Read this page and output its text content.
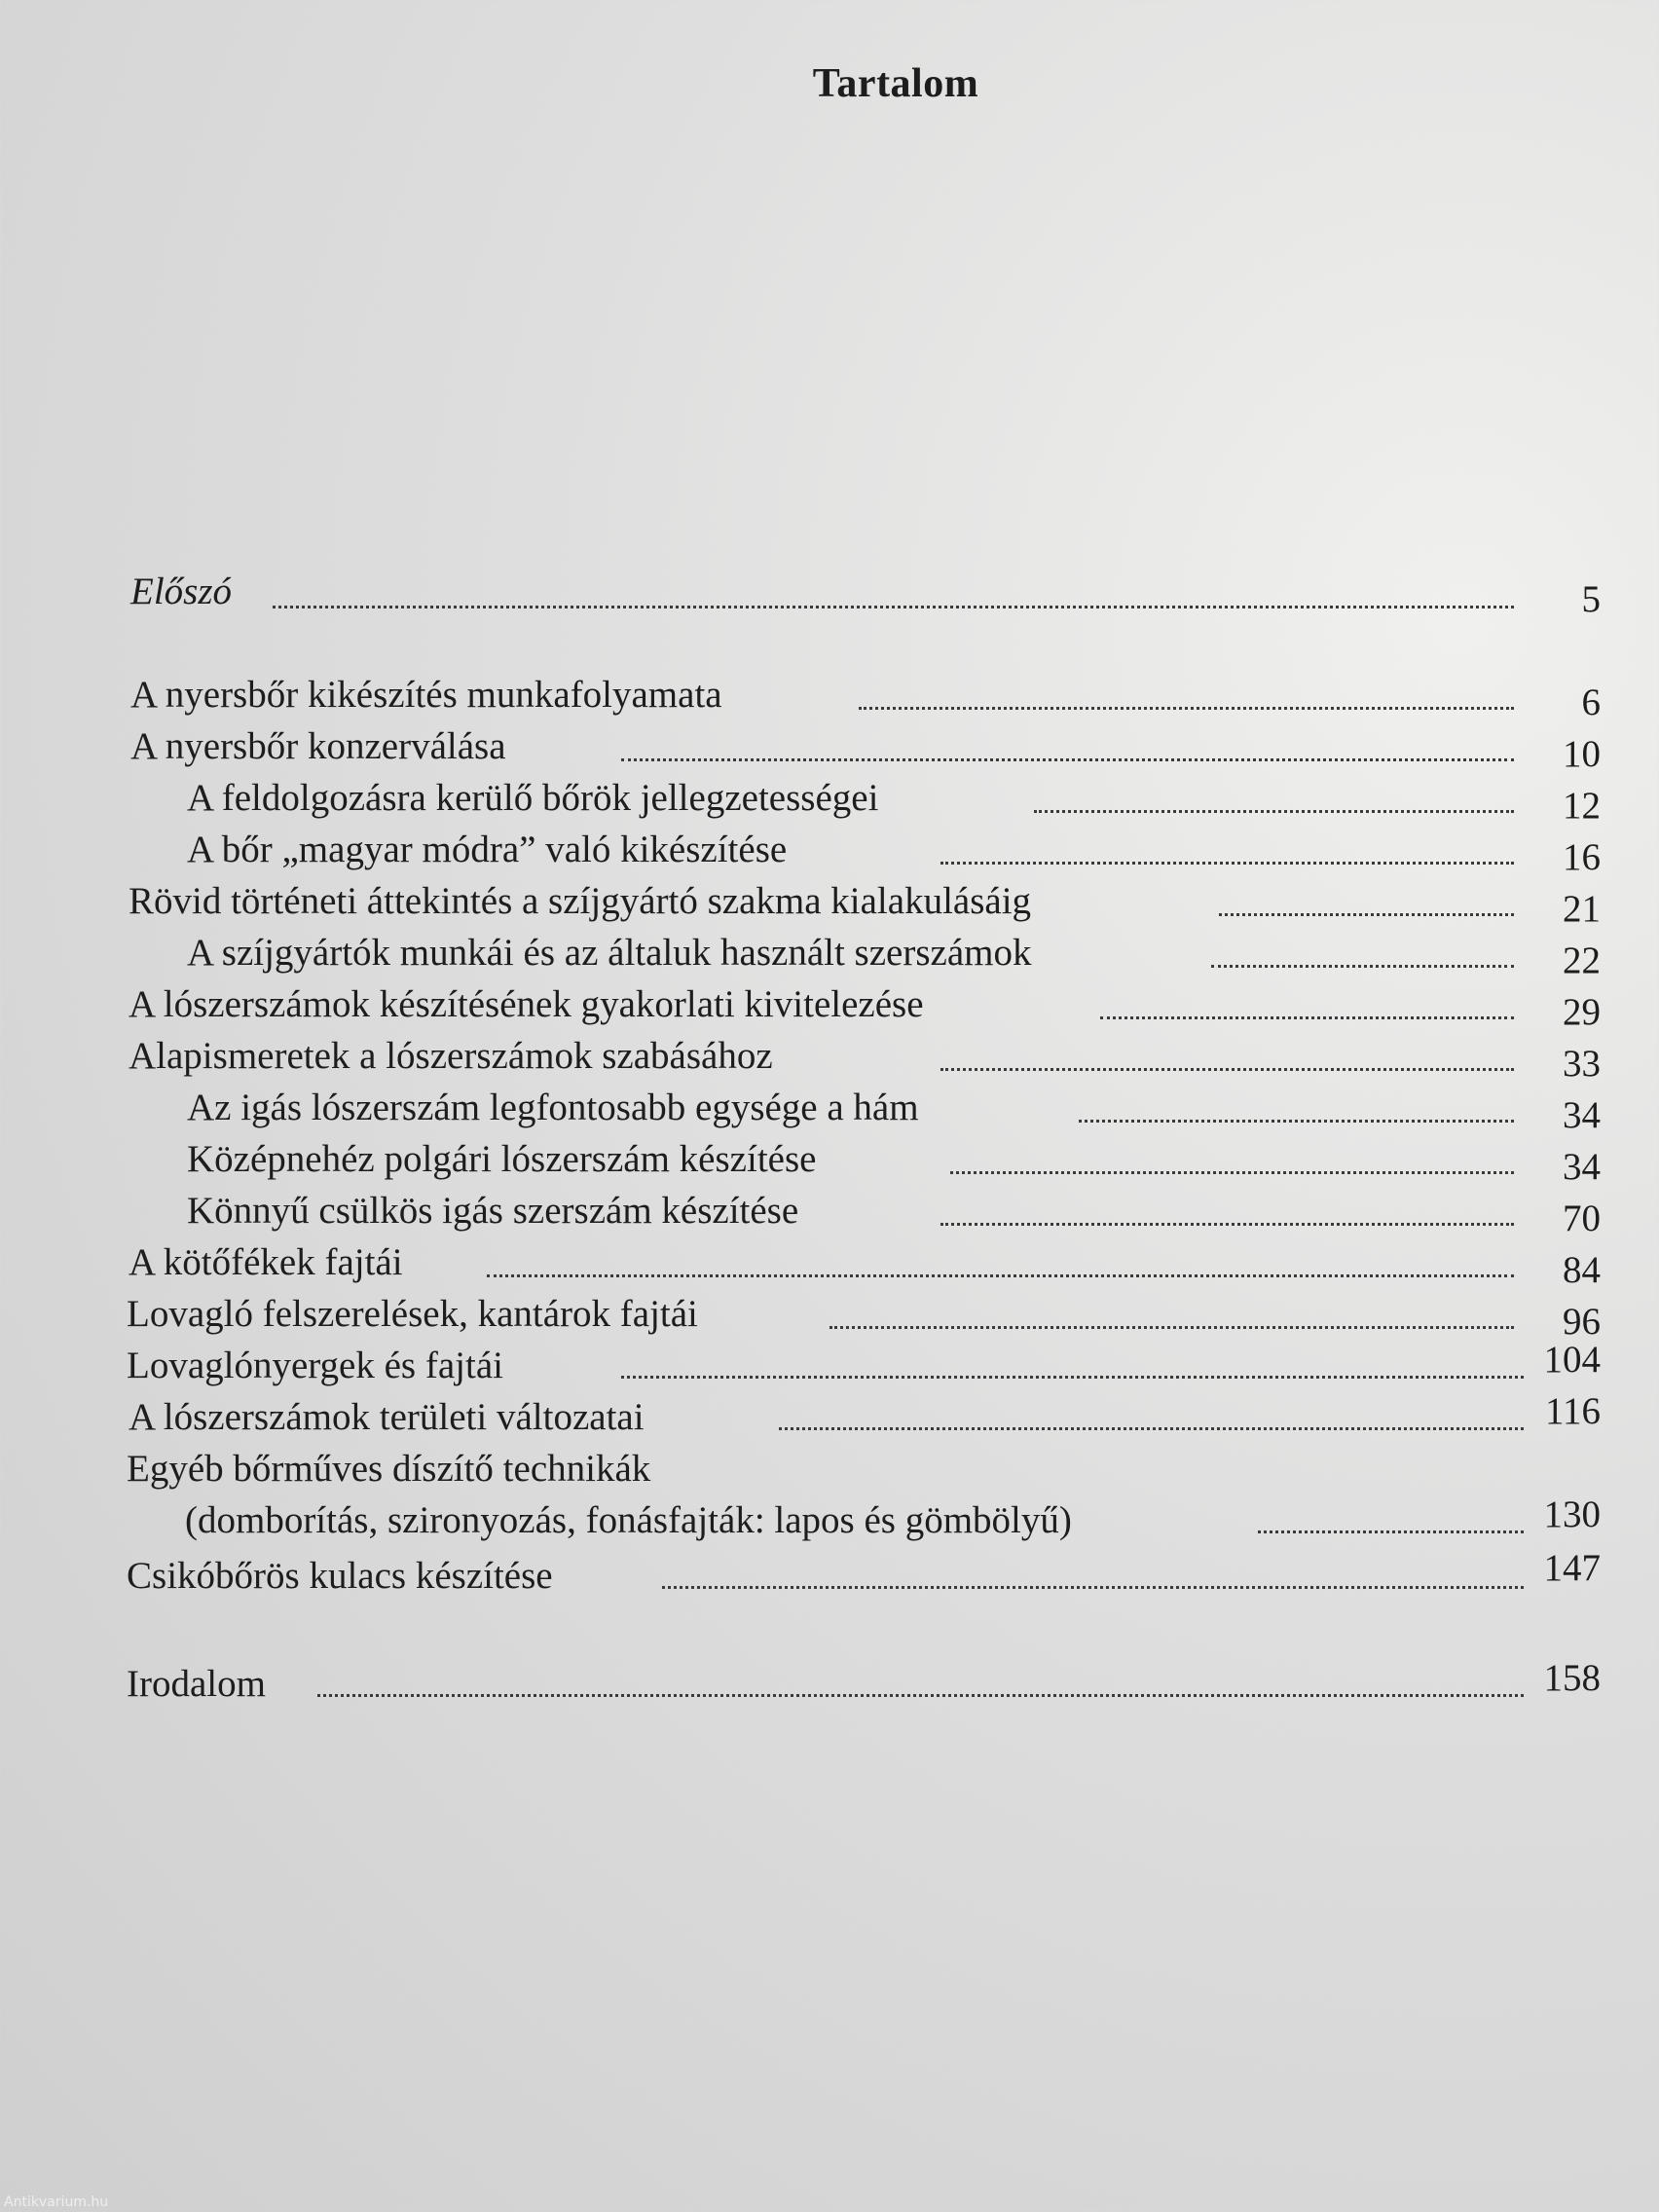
Tartalom
Előszó	5
A nyersbőr kikészítés munkafolyamata	6
A nyersbőr konzerválása	10
A feldolgozásra kerülő bőrök jellegzetességei	12
A bőr „magyar módra” való kikészítése	16
Rövid történeti áttekintés a szíjgyártó szakma kialakulásáig	21
A szíjgyártók munkái és az általuk használt szerszámok	22
A lószerszámok készítésének gyakorlati kivitelezése	29
Alapismeretek a lószerszámok szabásához	33
Az igás lószerszám legfontosabb egysége a hám	34
Középnehéz polgári lószerszám készítése	34
Könnyű csülkös igás szerszám készítése	70
A kötőfékek fajtái	84
Lovagló felszerelések, kantárok fajtái	96
Lovaglónyergek és fajtái	104
A lószerszámok területi változatai	116
Egyéb bőrműves díszítő technikák
(domborítás, szironyozás, fonásfajták: lapos és gömbölyű)	130
Csikóbőrös kulacs készítése	147
Irodalom	158
Antikvarium.hu
